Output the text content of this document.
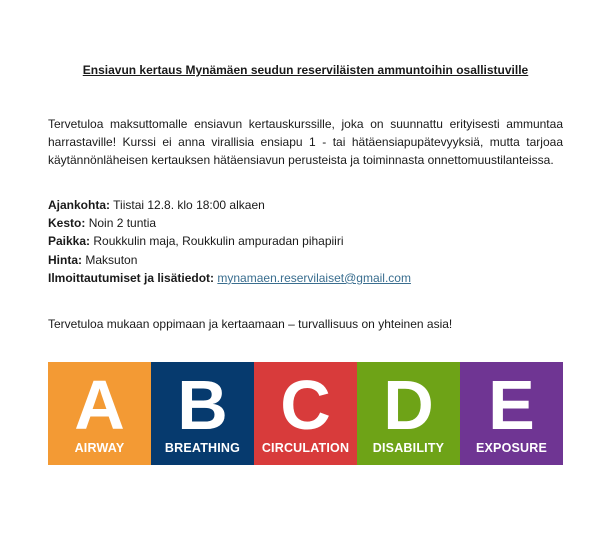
Ensiavun kertaus Mynämäen seudun reserviläisten ammuntoihin osallistuville
Tervetuloa maksuttomalle ensiavun kertauskurssille, joka on suunnattu erityisesti ammuntaa harrastaville! Kurssi ei anna virallisia ensiapu 1 - tai hätäensiapupätevyyksiä, mutta tarjoaa käytännönläheisen kertauksen hätäensiavun perusteista ja toiminnasta onnettomuustilanteissa.
Ajankohta: Tiistai 12.8. klo 18:00 alkaen
Kesto: Noin 2 tuntia
Paikka: Roukkulin maja, Roukkulin ampuradan pihapiiri
Hinta: Maksuton
Ilmoittautumiset ja lisätiedot: mynamaen.reservilaiset@gmail.com
Tervetuloa mukaan oppimaan ja kertaamaan – turvallisuus on yhteinen asia!
A
AIRWAY
B
BREATHING
C
CIRCULATION
D
DISABILITY
E
EXPOSURE
